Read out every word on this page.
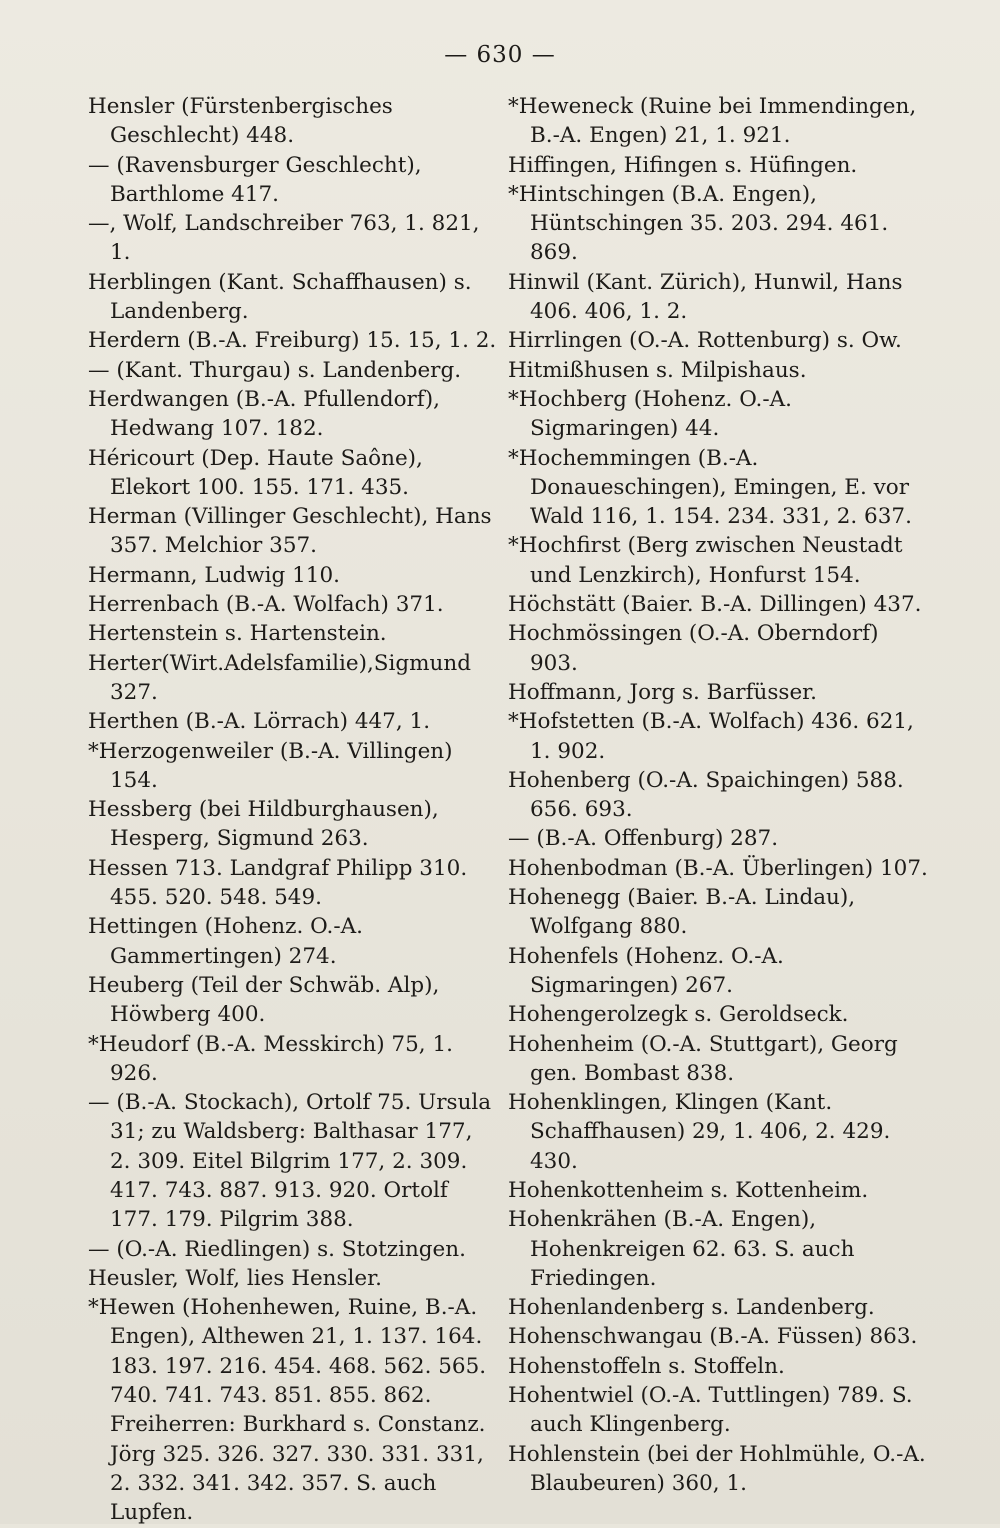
— 630 —

Hensler (Fürstenbergisches Geschlecht) 448.

— (Ravensburger Geschlecht), Barthlome 417.

—, Wolf, Landschreiber 763, 1. 821, 1.

Herblingen (Kant. Schaffhausen) s. Landenberg.

Herdern (B.-A. Freiburg) 15. 15, 1. 2.

— (Kant. Thurgau) s. Landenberg.

Herdwangen (B.-A. Pfullendorf), Hedwang 107. 182.

Héricourt (Dep. Haute Saône), Elekort 100. 155. 171. 435.

Herman (Villinger Geschlecht), Hans 357. Melchior 357.

Hermann, Ludwig 110.

Herrenbach (B.-A. Wolfach) 371.

Hertenstein s. Hartenstein.

Herter(Wirt.Adelsfamilie),Sigmund 327.

Herthen (B.-A. Lörrach) 447, 1.

*Herzogenweiler (B.-A. Villingen) 154.

Hessberg (bei Hildburghausen), Hesperg, Sigmund 263.

Hessen 713. Landgraf Philipp 310. 455. 520. 548. 549.

Hettingen (Hohenz. O.-A. Gammertingen) 274.

Heuberg (Teil der Schwäb. Alp), Höwberg 400.

*Heudorf (B.-A. Messkirch) 75, 1. 926.

— (B.-A. Stockach), Ortolf 75. Ursula 31; zu Waldsberg: Balthasar 177, 2. 309. Eitel Bilgrim 177, 2. 309. 417. 743. 887. 913. 920. Ortolf 177. 179. Pilgrim 388.

— (O.-A. Riedlingen) s. Stotzingen.

Heusler, Wolf, lies Hensler.

*Hewen (Hohenhewen, Ruine, B.-A. Engen), Althewen 21, 1. 137. 164. 183. 197. 216. 454. 468. 562. 565. 740. 741. 743. 851. 855. 862. Freiherren: Burkhard s. Constanz. Jörg 325. 326. 327. 330. 331. 331, 2. 332. 341. 342. 357. S. auch Lupfen.

*Heweneck (Ruine bei Immendingen, B.-A. Engen) 21, 1. 921.

Hiffingen, Hifingen s. Hüfingen.

*Hintschingen (B.A. Engen), Hüntschingen 35. 203. 294. 461. 869.

Hinwil (Kant. Zürich), Hunwil, Hans 406. 406, 1. 2.

Hirrlingen (O.-A. Rottenburg) s. Ow.

Hitmißhusen s. Milpishaus.

*Hochberg (Hohenz. O.-A. Sigmaringen) 44.

*Hochemmingen (B.-A. Donaueschingen), Emingen, E. vor Wald 116, 1. 154. 234. 331, 2. 637.

*Hochfirst (Berg zwischen Neustadt und Lenzkirch), Honfurst 154.

Höchstätt (Baier. B.-A. Dillingen) 437.

Hochmössingen (O.-A. Oberndorf) 903.

Hoffmann, Jorg s. Barfüsser.

*Hofstetten (B.-A. Wolfach) 436. 621, 1. 902.

Hohenberg (O.-A. Spaichingen) 588. 656. 693.

— (B.-A. Offenburg) 287.

Hohenbodman (B.-A. Überlingen) 107.

Hohenegg (Baier. B.-A. Lindau), Wolfgang 880.

Hohenfels (Hohenz. O.-A. Sigmaringen) 267.

Hohengerolzegk s. Geroldseck.

Hohenheim (O.-A. Stuttgart), Georg gen. Bombast 838.

Hohenklingen, Klingen (Kant. Schaffhausen) 29, 1. 406, 2. 429. 430.

Hohenkottenheim s. Kottenheim.

Hohenkrähen (B.-A. Engen), Hohenkreigen 62. 63. S. auch Friedingen.

Hohenlandenberg s. Landenberg.

Hohenschwangau (B.-A. Füssen) 863.

Hohenstoffeln s. Stoffeln.

Hohentwiel (O.-A. Tuttlingen) 789. S. auch Klingenberg.

Hohlenstein (bei der Hohlmühle, O.-A. Blaubeuren) 360, 1.
